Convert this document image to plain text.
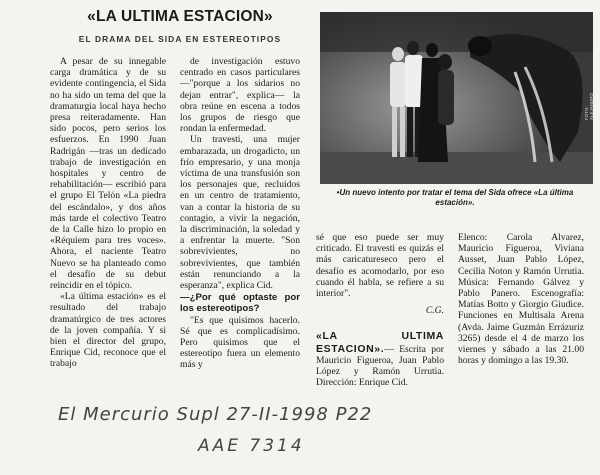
«LA ULTIMA ESTACION»
EL DRAMA DEL SIDA EN ESTEREOTIPOS

A pesar de su innegable carga dramática y de su evidente contingencia, el Sida no ha sido un tema del que la dramaturgia local haya hecho presa reiteradamente. Han sido pocos, pero serios los esfuerzos. En 1990 Juan Radrigán —tras un dedicado trabajo de investigación en hospitales y centro de rehabilitación— escribió para el grupo El Telón «La piedra del escándalo», y dos años más tarde el colectivo Teatro de la Calle hizo lo propio en «Réquiem para tres voces». Ahora, el naciente Teatro Nuevo se ha planteado como el desafío de su debut reincidir en el tópico.

«La última estación» es el resultado del trabajo dramatúrgico de tres actores de la joven compañía. Y si bien el director del grupo, Enrique Cid, reconoce que el trabajo

de investigación estuvo centrado en casos particulares —"porque a los sidarios no dejan entrar", explica— la obra reúne en escena a todos los grupos de riesgo que rondan la enfermedad.

Un travesti, una mujer embarazada, un drogadicto, un frío empresario, y una monja víctima de una transfusión son los personajes que, recluidos en un centro de tratamiento, van a contar la historia de su contagio, a vivir la negación, la discriminación, la soledad y a enfrentar la muerte. "Son sobrevivientes, no sobrevivientes, que también están renunciando a la esperanza", explica Cid.

—¿Por qué optaste por los estereotipos?

"Es que quisimos hacerlo. Sé que es complicadísimo. Pero quisimos que el estereotipo fuera un elemento más y

FOTO: ALEJANDRO
•Un nuevo intento por tratar el tema del Sida ofrece «La última estación».

sé que eso puede ser muy criticado. El travesti es quizás el más caricatureseco pero el desafío es acomodarlo, por eso cuando él habla, se refiere a su interior".

C.G.
«LA ULTIMA ESTACION».— Escrita por Mauricio Figueroa, Juan Pablo López y Ramón Urrutia. Dirección: Enrique Cid.

Elenco: Carola Alvarez, Mauricio Figueroa, Viviana Ausset, Juan Pablo López, Cecilia Noton y Ramón Urrutia. Música: Fernando Gálvez y Pablo Panero. Escenografía: Matías Botto y Giorgio Giudice. Funciones en Multisala Arena (Avda. Jaime Guzmán Errázuriz 3265) desde el 4 de marzo los viernes y sábado a las 21.00 horas y domingo a las 19.30.

El Mercurio Supl 27-II-1998 P22
AAE 7314
